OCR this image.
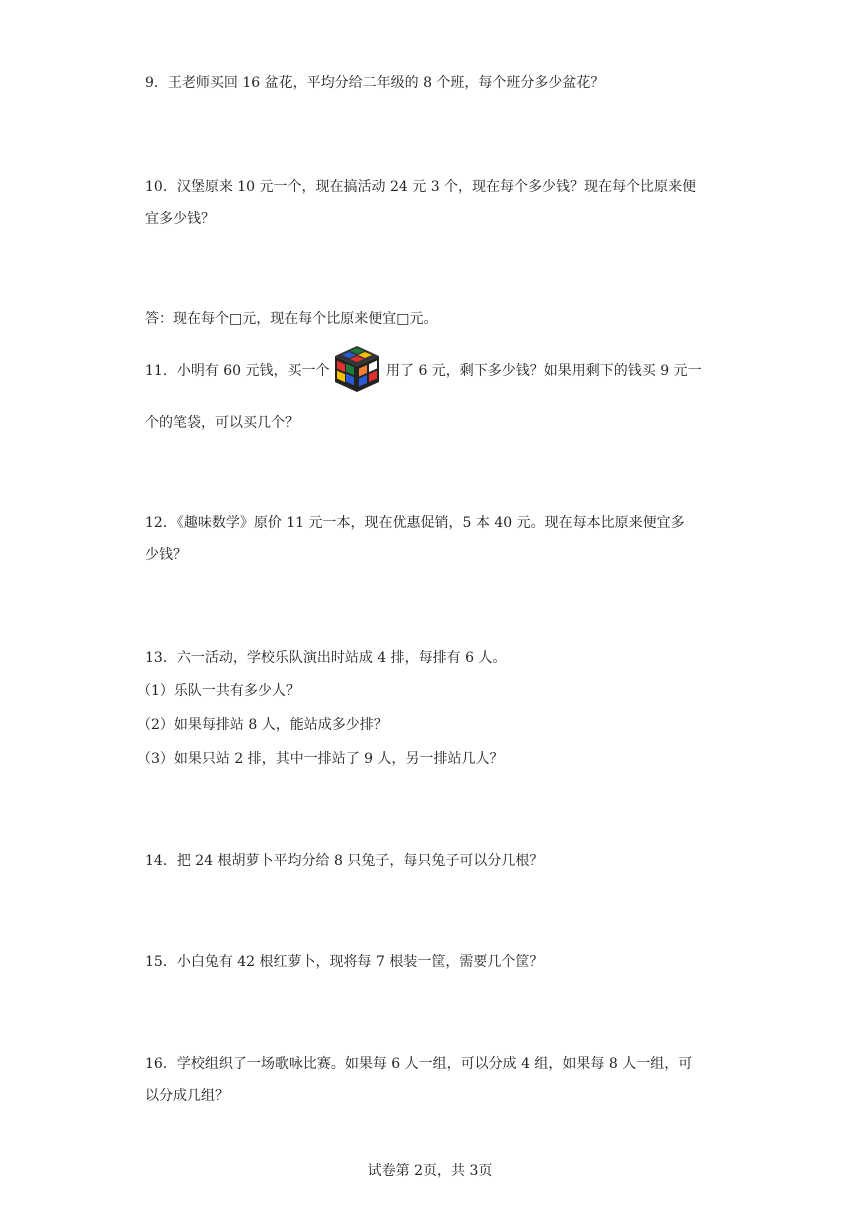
9．王老师买回 16 盆花，平均分给二年级的 8 个班，每个班分多少盆花？
10．汉堡原来 10 元一个，现在搞活动 24 元 3 个，现在每个多少钱？现在每个比原来便
宜多少钱？
答：现在每个□元，现在每个比原来便宜□元。
11．小明有 60 元钱，买一个	用了 6 元，剩下多少钱？如果用剩下的钱买 9 元一
个的笔袋，可以买几个？
12．《趣味数学》原价 11 元一本，现在优惠促销，5 本 40 元。现在每本比原来便宜多
少钱？
13．六一活动，学校乐队演出时站成 4 排，每排有 6 人。
（1）乐队一共有多少人？
（2）如果每排站 8 人，能站成多少排？
（3）如果只站 2 排，其中一排站了 9 人，另一排站几人？
14．把 24 根胡萝卜平均分给 8 只兔子，每只兔子可以分几根？
15．小白兔有 42 根红萝卜，现将每 7 根装一筐，需要几个筐？
16．学校组织了一场歌咏比赛。如果每 6 人一组，可以分成 4 组，如果每 8 人一组，可
以分成几组？
试卷第 2页，共 3页
